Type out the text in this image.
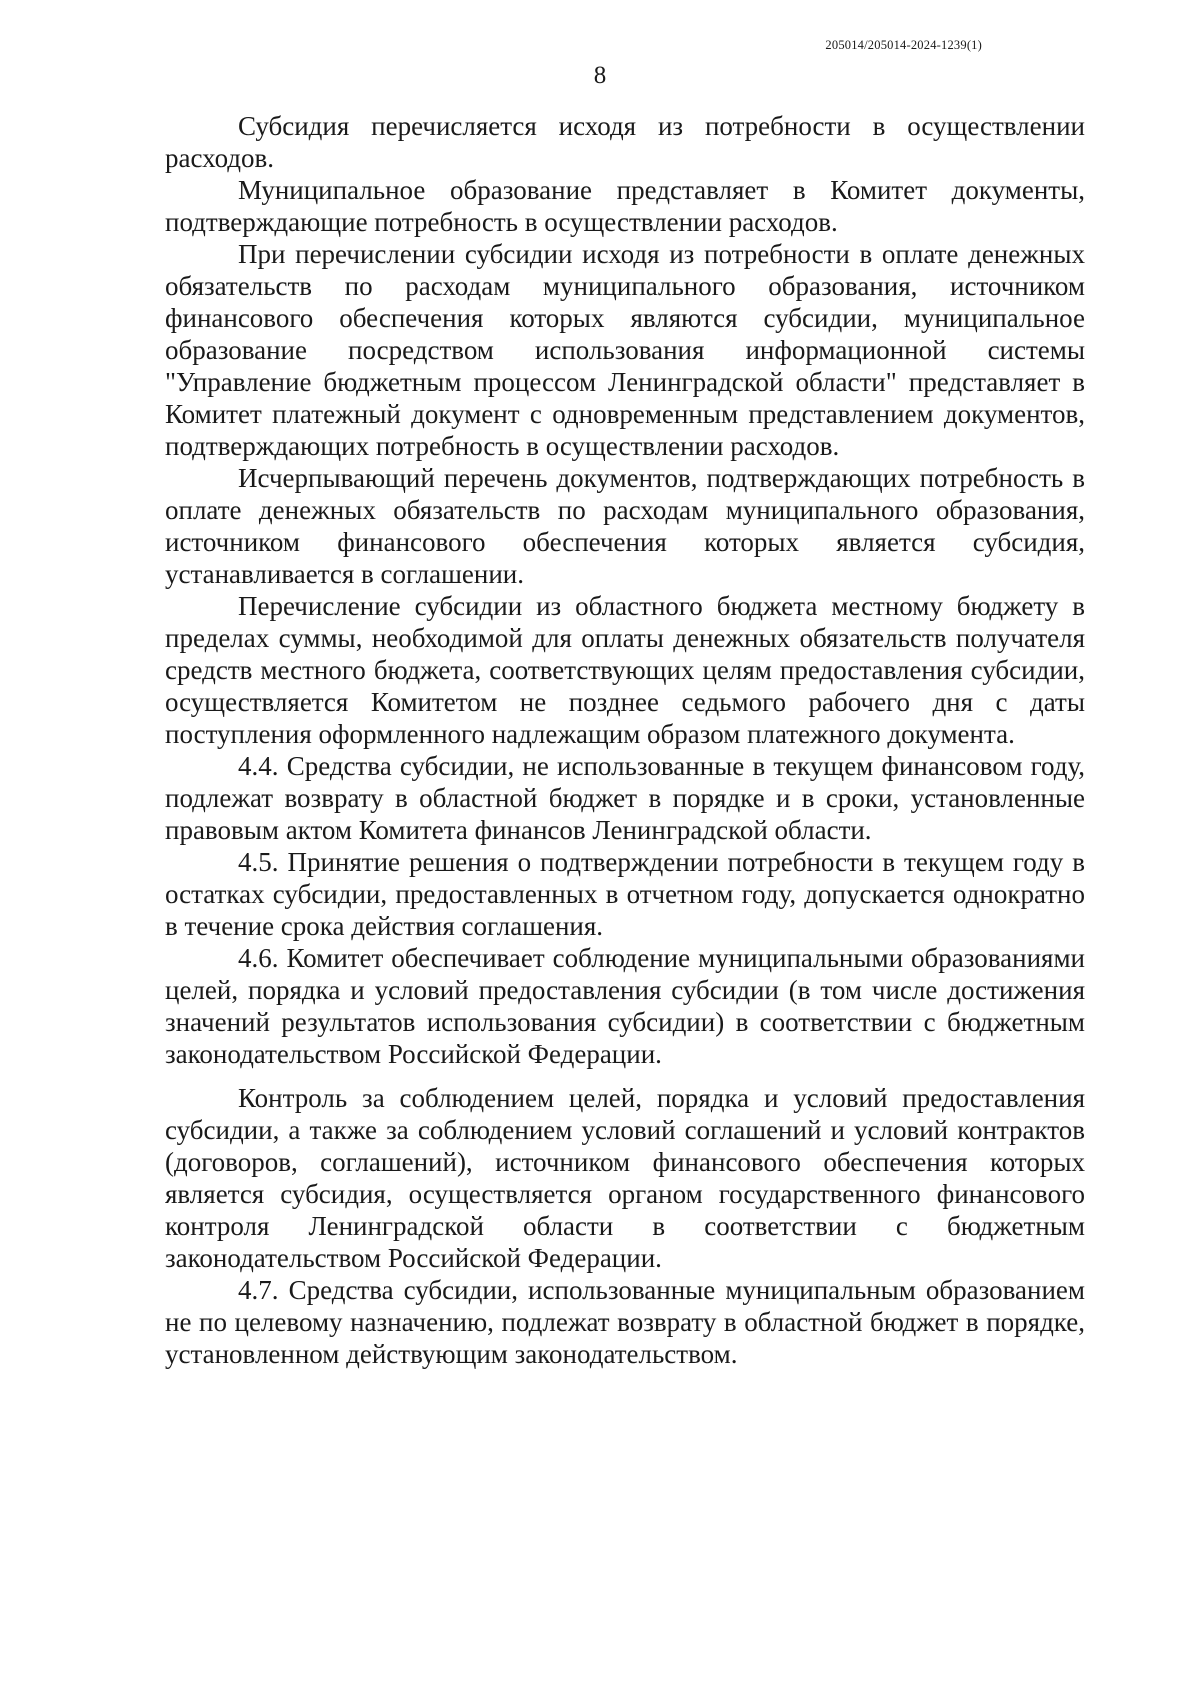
205014/205014-2024-1239(1)
8

Субсидия перечисляется исходя из потребности в осуществлении расходов.

Муниципальное образование представляет в Комитет документы, подтверждающие потребность в осуществлении расходов.

При перечислении субсидии исходя из потребности в оплате денежных обязательств по расходам муниципального образования, источником финансового обеспечения которых являются субсидии, муниципальное образование посредством использования информационной системы "Управление бюджетным процессом Ленинградской области" представляет в Комитет платежный документ с одновременным представлением документов, подтверждающих потребность в осуществлении расходов.

Исчерпывающий перечень документов, подтверждающих потребность в оплате денежных обязательств по расходам муниципального образования, источником финансового обеспечения которых является субсидия, устанавливается в соглашении.

Перечисление субсидии из областного бюджета местному бюджету в пределах суммы, необходимой для оплаты денежных обязательств получателя средств местного бюджета, соответствующих целям предоставления субсидии, осуществляется Комитетом не позднее седьмого рабочего дня с даты поступления оформленного надлежащим образом платежного документа.

4.4. Средства субсидии, не использованные в текущем финансовом году, подлежат возврату в областной бюджет в порядке и в сроки, установленные правовым актом Комитета финансов Ленинградской области.

4.5. Принятие решения о подтверждении потребности в текущем году в остатках субсидии, предоставленных в отчетном году, допускается однократно в течение срока действия соглашения.

4.6. Комитет обеспечивает соблюдение муниципальными образованиями целей, порядка и условий предоставления субсидии (в том числе достижения значений результатов использования субсидии) в соответствии с бюджетным законодательством Российской Федерации.

Контроль за соблюдением целей, порядка и условий предоставления субсидии, а также за соблюдением условий соглашений и условий контрактов (договоров, соглашений), источником финансового обеспечения которых является субсидия, осуществляется органом государственного финансового контроля Ленинградской области в соответствии с бюджетным законодательством Российской Федерации.

4.7. Средства субсидии, использованные муниципальным образованием не по целевому назначению, подлежат возврату в областной бюджет в порядке, установленном действующим законодательством.
